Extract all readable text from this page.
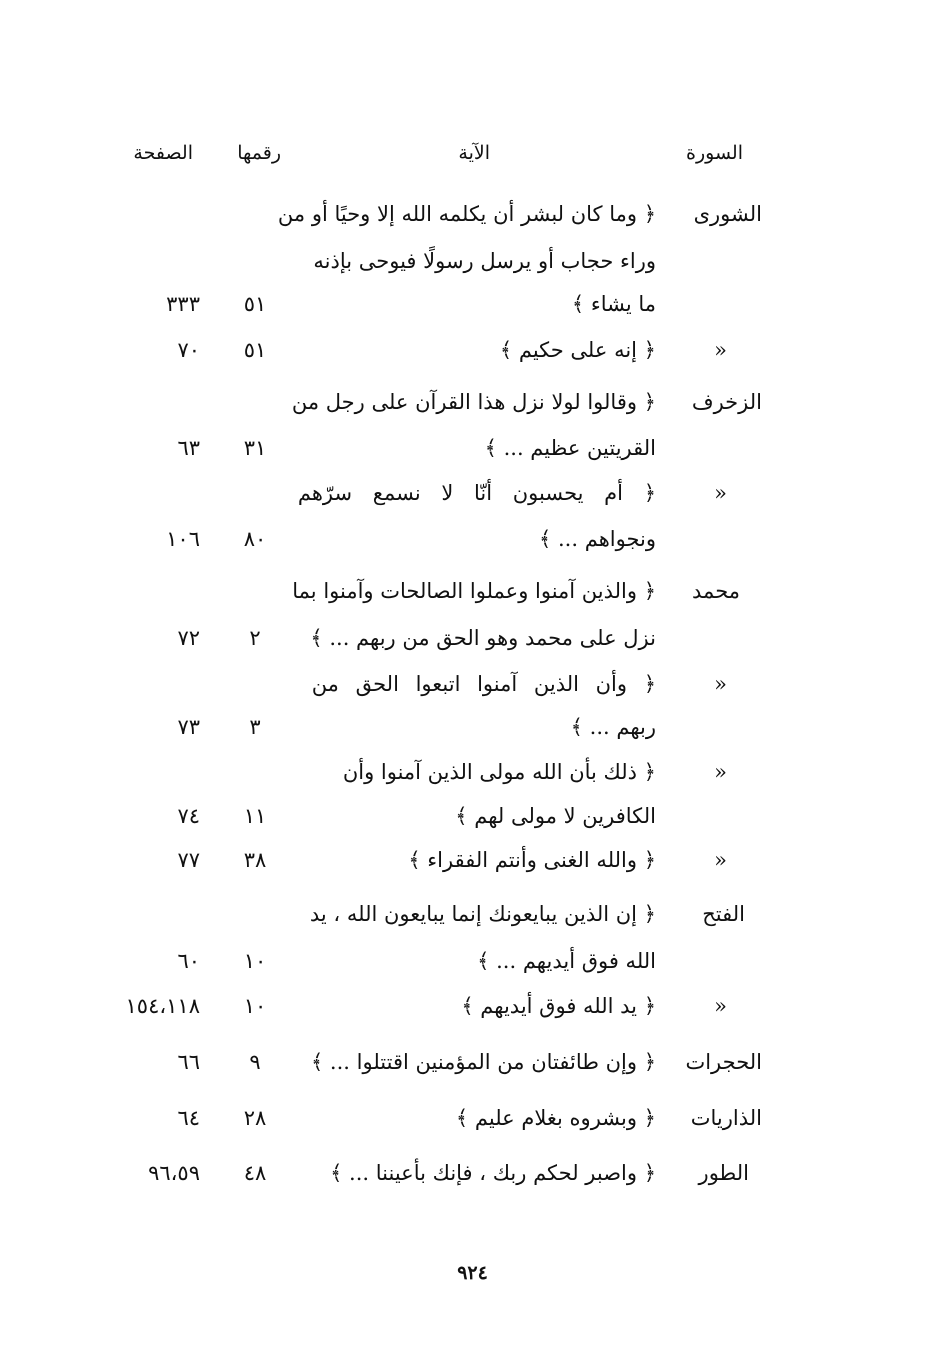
السورة
الآية
رقمها
الصفحة
الشورى
﴿ وما كان لبشر أن يكلمه الله إلا وحيًا أو من
وراء حجاب أو يرسل رسولًا فيوحى بإذنه
ما يشاء ﴾
٥١
٣٣٣
«
﴿ إنه على حكيم ﴾
٥١
٧٠
الزخرف
﴿ وقالوا لولا نزل هذا القرآن على رجل من
القريتين عظيم ... ﴾
٣١
٦٣
«
﴿ أم يحسبون أنّا لا نسمع سرّهم
ونجواهم ... ﴾
٨٠
١٠٦
محمد
﴿ والذين آمنوا وعملوا الصالحات وآمنوا بما
نزل على محمد وهو الحق من ربهم ... ﴾
٢
٧٢
«
﴿ وأن الذين آمنوا اتبعوا الحق من
ربهم ... ﴾
٣
٧٣
«
﴿ ذلك بأن الله مولى الذين آمنوا وأن
الكافرين لا مولى لهم ﴾
١١
٧٤
«
﴿ والله الغنى وأنتم الفقراء ﴾
٣٨
٧٧
الفتح
﴿ إن الذين يبايعونك إنما يبايعون الله ، يد
الله فوق أيديهم ... ﴾
١٠
٦٠
«
﴿ يد الله فوق أيديهم ﴾
١٠
١٥٤،١١٨
الحجرات
﴿ وإن طائفتان من المؤمنين اقتتلوا ... ﴾
٩
٦٦
الذاريات
﴿ وبشروه بغلام عليم ﴾
٢٨
٦٤
الطور
﴿ واصبر لحكم ربك ، فإنك بأعيننا ... ﴾
٤٨
٩٦،٥٩
٩٢٤
